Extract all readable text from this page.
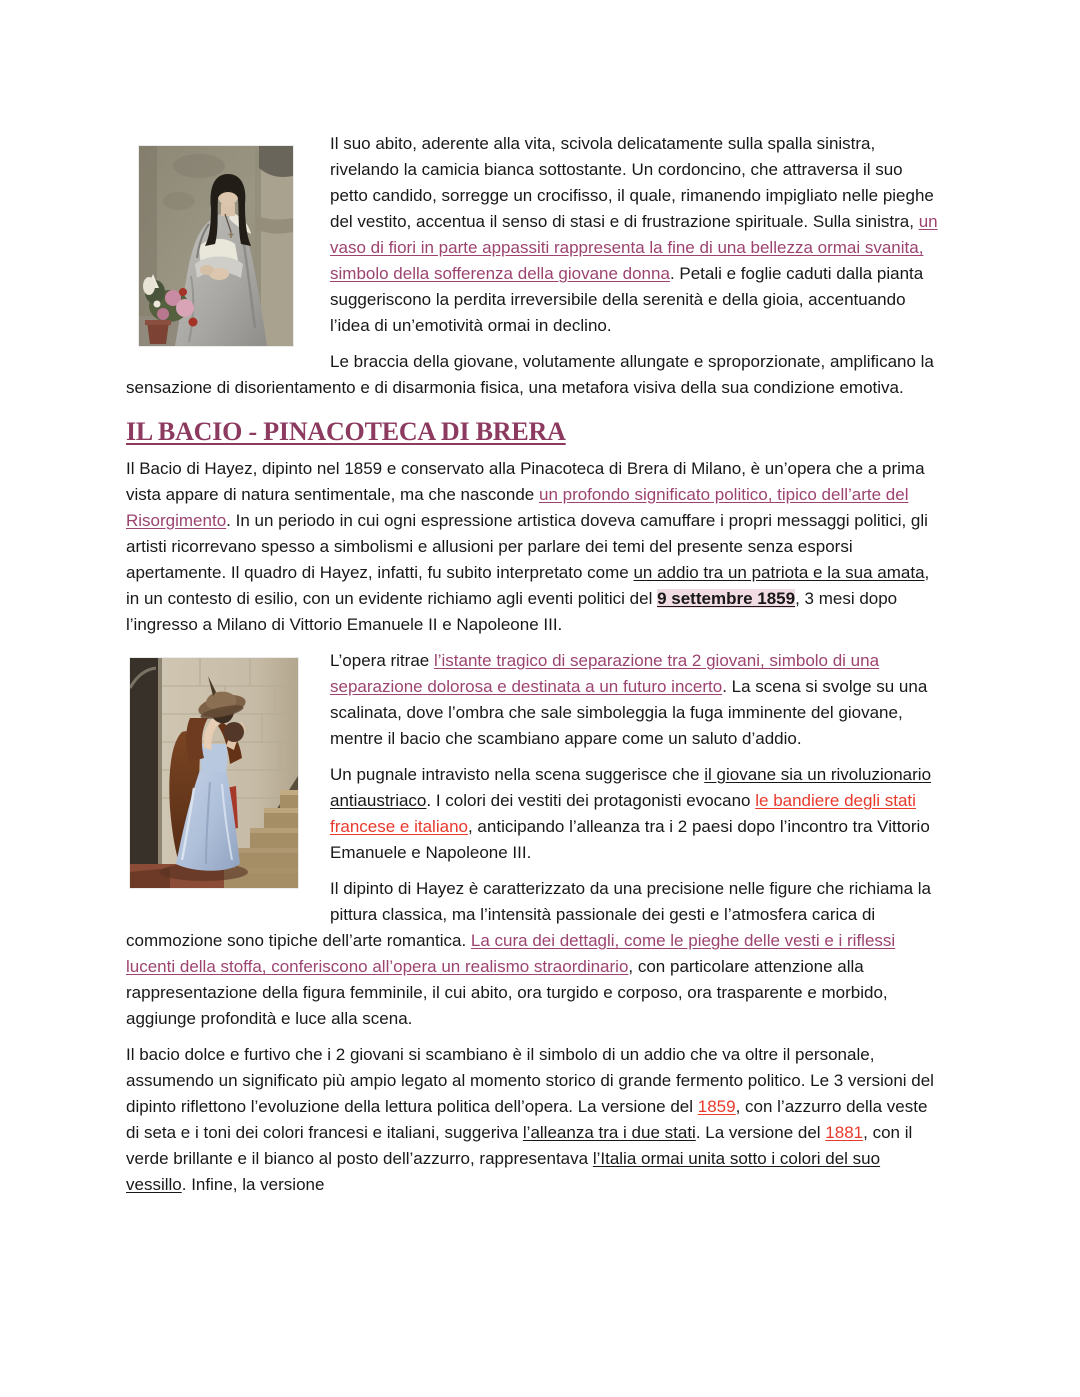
Il suo abito, aderente alla vita, scivola delicatamente sulla spalla sinistra, rivelando la camicia bianca sottostante. Un cordoncino, che attraversa il suo petto candido, sorregge un crocifisso, il quale, rimanendo impigliato nelle pieghe del vestito, accentua il senso di stasi e di frustrazione spirituale. Sulla sinistra, un vaso di fiori in parte appassiti rappresenta la fine di una bellezza ormai svanita, simbolo della sofferenza della giovane donna. Petali e foglie caduti dalla pianta suggeriscono la perdita irreversibile della serenità e della gioia, accentuando l’idea di un’emotività ormai in declino.

Le braccia della giovane, volutamente allungate e sproporzionate, amplificano la sensazione di disorientamento e di disarmonia fisica, una metafora visiva della sua condizione emotiva.

IL BACIO - PINACOTECA DI BRERA

Il Bacio di Hayez, dipinto nel 1859 e conservato alla Pinacoteca di Brera di Milano, è un’opera che a prima vista appare di natura sentimentale, ma che nasconde un profondo significato politico, tipico dell’arte del Risorgimento. In un periodo in cui ogni espressione artistica doveva camuffare i propri messaggi politici, gli artisti ricorrevano spesso a simbolismi e allusioni per parlare dei temi del presente senza esporsi apertamente. Il quadro di Hayez, infatti, fu subito interpretato come un addio tra un patriota e la sua amata, in un contesto di esilio, con un evidente richiamo agli eventi politici del 9 settembre 1859, 3 mesi dopo l’ingresso a Milano di Vittorio Emanuele II e Napoleone III.

L’opera ritrae l’istante tragico di separazione tra 2 giovani, simbolo di una separazione dolorosa e destinata a un futuro incerto. La scena si svolge su una scalinata, dove l’ombra che sale simboleggia la fuga imminente del giovane, mentre il bacio che scambiano appare come un saluto d’addio.

Un pugnale intravisto nella scena suggerisce che il giovane sia un rivoluzionario antiaustriaco. I colori dei vestiti dei protagonisti evocano le bandiere degli stati francese e italiano, anticipando l’alleanza tra i 2 paesi dopo l’incontro tra Vittorio Emanuele e Napoleone III.

Il dipinto di Hayez è caratterizzato da una precisione nelle figure che richiama la pittura classica, ma l’intensità passionale dei gesti e l’atmosfera carica di commozione sono tipiche dell’arte romantica. La cura dei dettagli, come le pieghe delle vesti e i riflessi lucenti della stoffa, conferiscono all’opera un realismo straordinario, con particolare attenzione alla rappresentazione della figura femminile, il cui abito, ora turgido e corposo, ora trasparente e morbido, aggiunge profondità e luce alla scena.

Il bacio dolce e furtivo che i 2 giovani si scambiano è il simbolo di un addio che va oltre il personale, assumendo un significato più ampio legato al momento storico di grande fermento politico. Le 3 versioni del dipinto riflettono l’evoluzione della lettura politica dell’opera. La versione del 1859, con l’azzurro della veste di seta e i toni dei colori francesi e italiani, suggeriva l’alleanza tra i due stati. La versione del 1881, con il verde brillante e il bianco al posto dell’azzurro, rappresentava l’Italia ormai unita sotto i colori del suo vessillo. Infine, la versione
